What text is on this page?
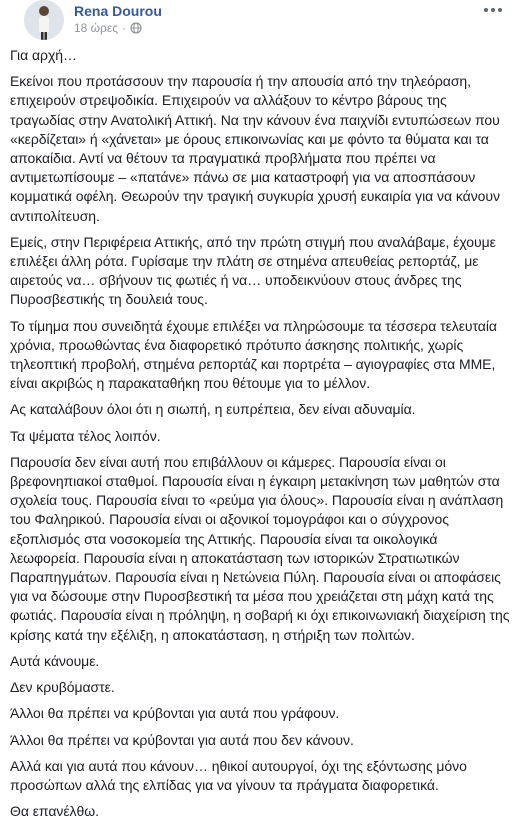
Rena Dourou
18 ώρες ·

Για αρχή…

Εκείνοι που προτάσσουν την παρουσία ή την απουσία από την τηλεόραση, επιχειρούν στρεψοδικία. Επιχειρούν να αλλάξουν το κέντρο βάρους της τραγωδίας στην Ανατολική Αττική. Να την κάνουν ένα παιχνίδι εντυπώσεων που «κερδίζεται» ή «χάνεται» με όρους επικοινωνίας και με φόντο τα θύματα και τα αποκαίδια. Αντί να θέτουν τα πραγματικά προβλήματα που πρέπει να αντιμετωπίσουμε – «πατάνε» πάνω σε μια καταστροφή για να αποσπάσουν κομματικά οφέλη. Θεωρούν την τραγική συγκυρία χρυσή ευκαιρία για να κάνουν αντιπολίτευση.

Εμείς, στην Περιφέρεια Αττικής, από την πρώτη στιγμή που αναλάβαμε, έχουμε επιλέξει άλλη ρότα. Γυρίσαμε την πλάτη σε στημένα απευθείας ρεπορτάζ, με αιρετούς να… σβήνουν τις φωτιές ή να… υποδεικνύουν στους άνδρες της Πυροσβεστικής τη δουλειά τους.

Το τίμημα που συνειδητά έχουμε επιλέξει να πληρώσουμε τα τέσσερα τελευταία χρόνια, προωθώντας ένα διαφορετικό πρότυπο άσκησης πολιτικής, χωρίς τηλεοπτική προβολή, στημένα ρεπορτάζ και πορτρέτα – αγιογραφίες στα ΜΜΕ, είναι ακριβώς η παρακαταθήκη που θέτουμε για το μέλλον.

Ας καταλάβουν όλοι ότι η σιωπή, η ευπρέπεια, δεν είναι αδυναμία.

Τα ψέματα τέλος λοιπόν.

Παρουσία δεν είναι αυτή που επιβάλλουν οι κάμερες. Παρουσία είναι οι βρεφονηπιακοί σταθμοί. Παρουσία είναι η έγκαιρη μετακίνηση των μαθητών στα σχολεία τους. Παρουσία είναι το «ρεύμα για όλους». Παρουσία είναι η ανάπλαση του Φαληρικού. Παρουσία είναι οι αξονικοί τομογράφοι και ο σύγχρονος εξοπλισμός στα νοσοκομεία της Αττικής. Παρουσία είναι τα οικολογικά λεωφορεία. Παρουσία είναι η αποκατάσταση των ιστορικών Στρατιωτικών Παραπηγμάτων. Παρουσία είναι η Νετώνεια Πύλη. Παρουσία είναι οι αποφάσεις για να δώσουμε στην Πυροσβεστική τα μέσα που χρειάζεται στη μάχη κατά της φωτιάς. Παρουσία είναι η πρόληψη, η σοβαρή κι όχι επικοινωνιακή διαχείριση της κρίσης κατά την εξέλιξη, η αποκατάσταση, η στήριξη των πολιτών.

Αυτά κάνουμε.

Δεν κρυβόμαστε.

Άλλοι θα πρέπει να κρύβονται για αυτά που γράφουν.

Άλλοι θα πρέπει να κρύβονται για αυτά που δεν κάνουν.

Αλλά και για αυτά που κάνουν… ηθικοί αυτουργοί, όχι της εξόντωσης μόνο προσώπων αλλά της ελπίδας για να γίνουν τα πράγματα διαφορετικά.

Θα επανέλθω.
